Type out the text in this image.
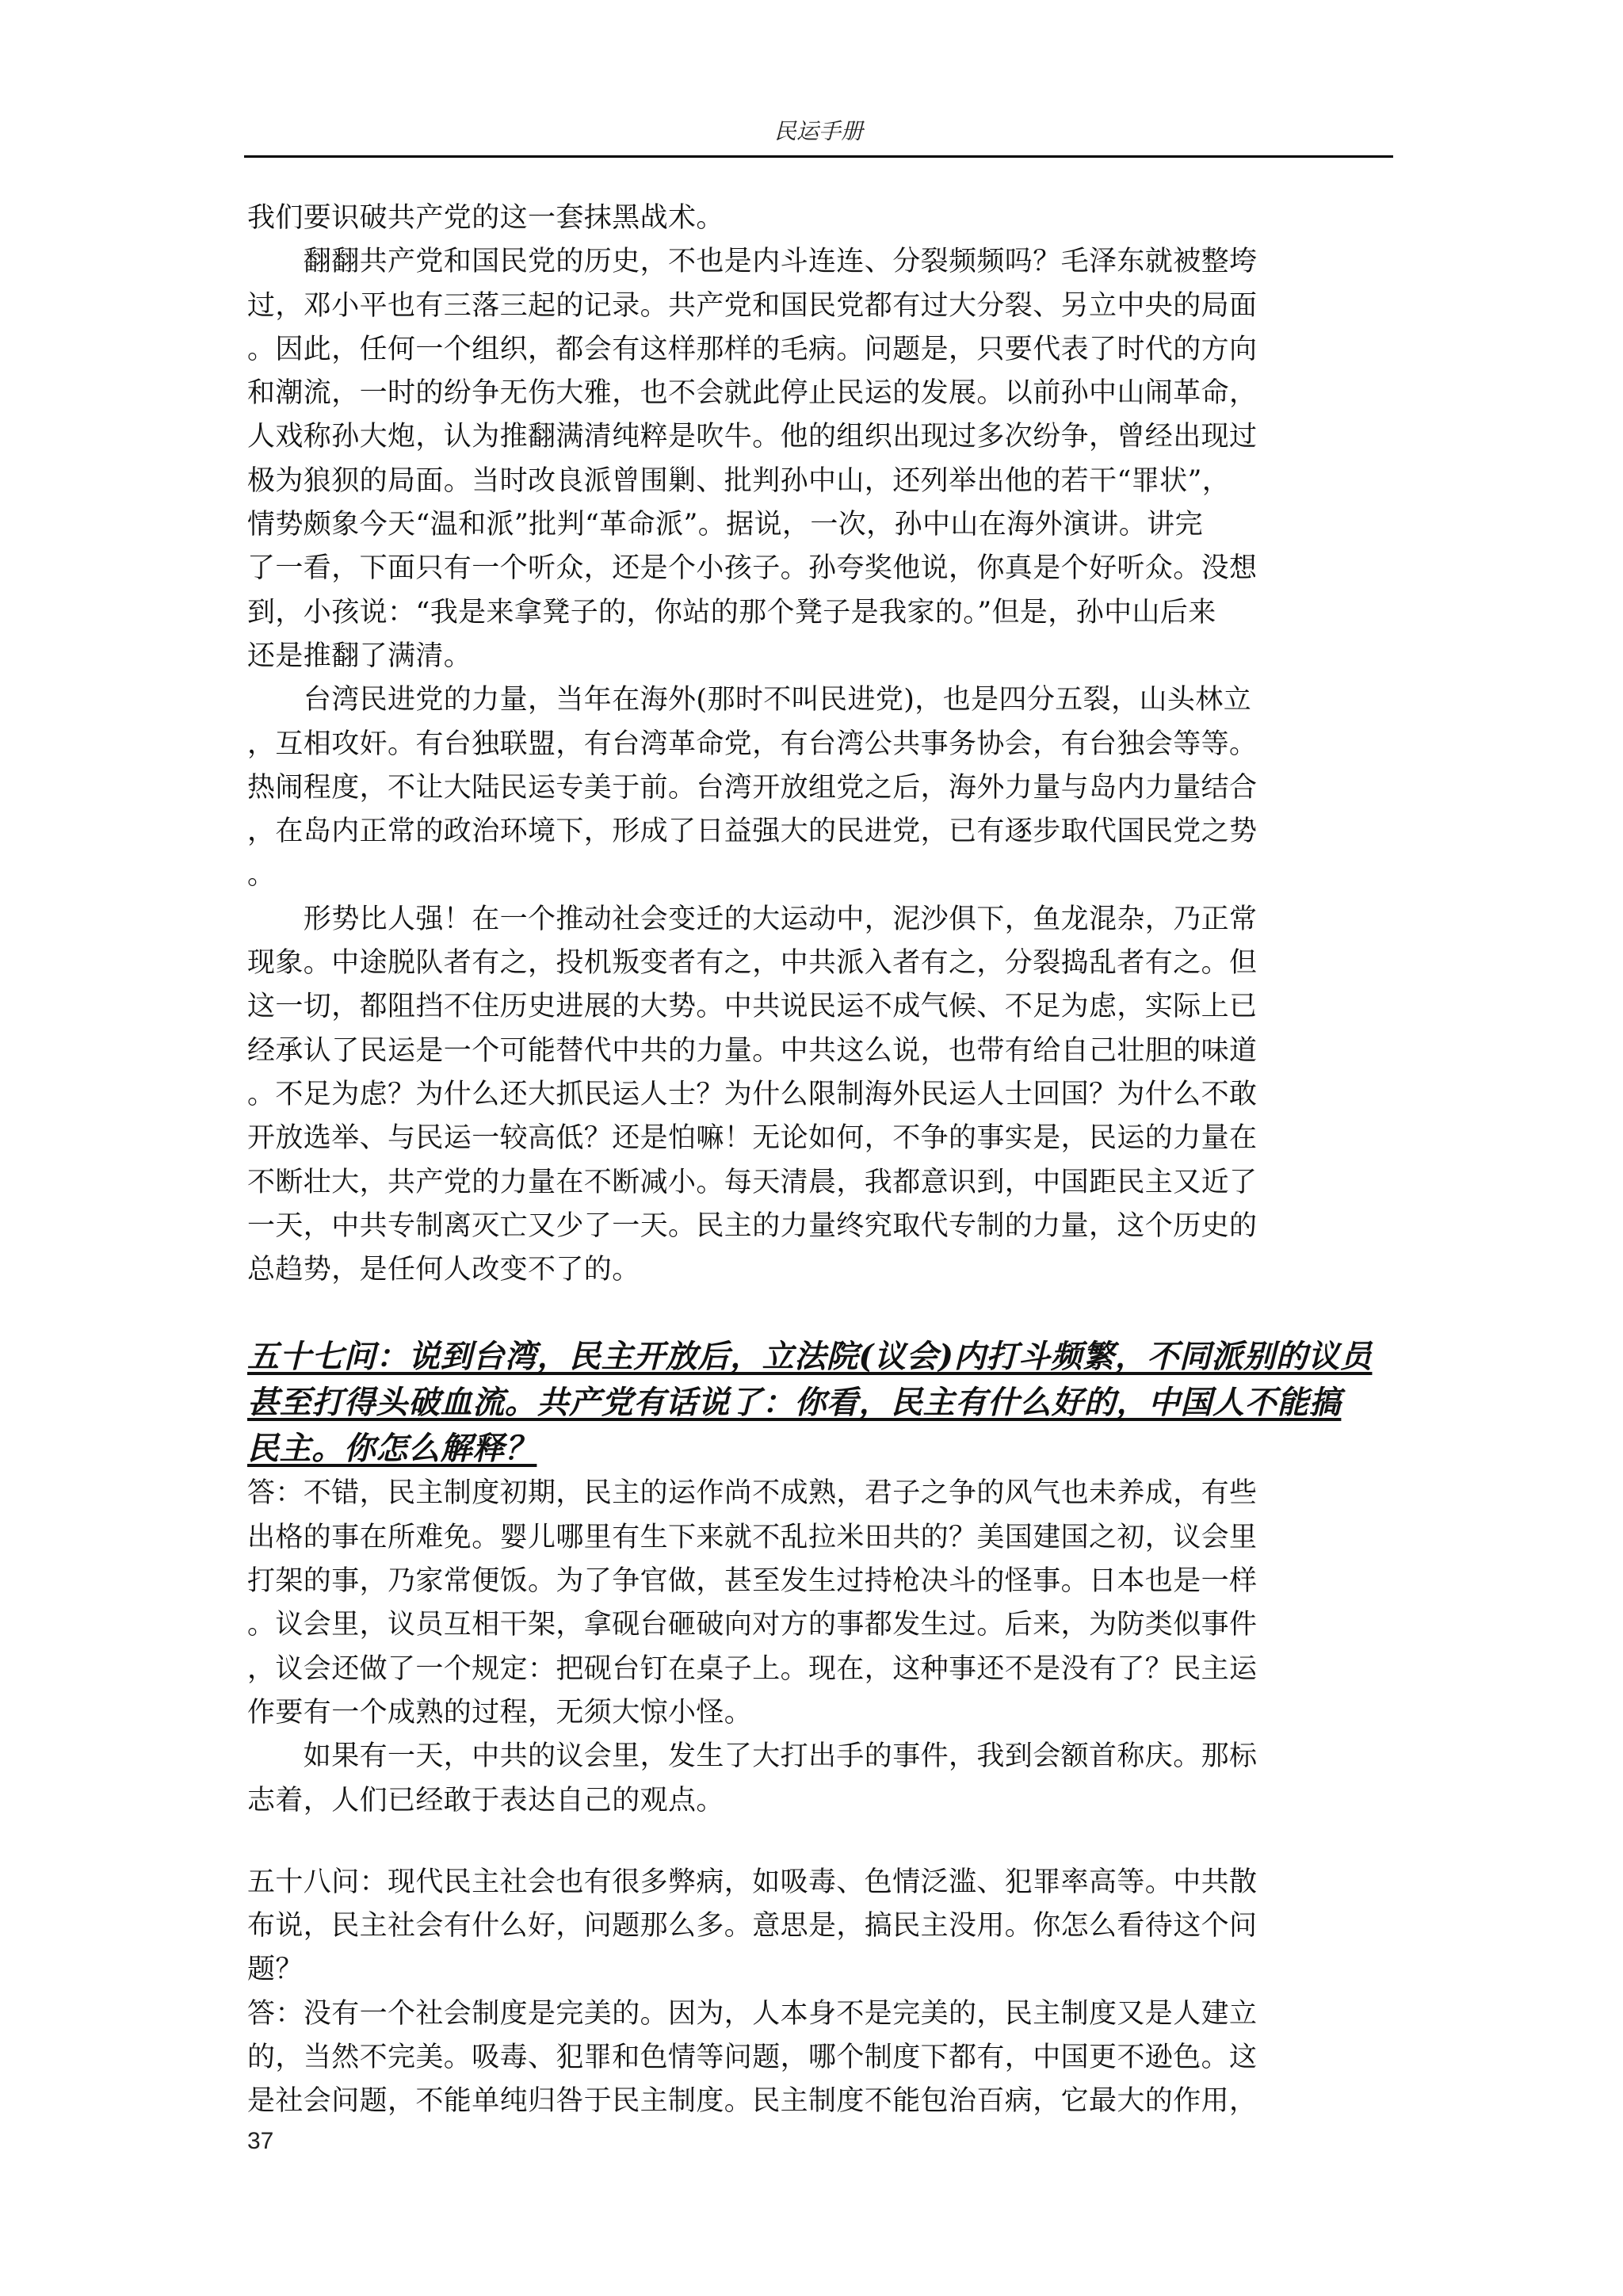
民运手册

我们要识破共产党的这一套抹黑战术。

　　翻翻共产党和国民党的历史，不也是内斗连连、分裂频频吗？毛泽东就被整垮

过，邓小平也有三落三起的记录。共产党和国民党都有过大分裂、另立中央的局面

。因此，任何一个组织，都会有这样那样的毛病。问题是，只要代表了时代的方向

和潮流，一时的纷争无伤大雅，也不会就此停止民运的发展。以前孙中山闹革命，

人戏称孙大炮，认为推翻满清纯粹是吹牛。他的组织出现过多次纷争，曾经出现过

极为狼狈的局面。当时改良派曾围剿、批判孙中山，还列举出他的若干“罪状”，

情势颇象今天“温和派”批判“革命派”。据说，一次，孙中山在海外演讲。讲完

了一看，下面只有一个听众，还是个小孩子。孙夸奖他说，你真是个好听众。没想

到，小孩说：“我是来拿凳子的，你站的那个凳子是我家的。”但是，孙中山后来

还是推翻了满清。

　　台湾民进党的力量，当年在海外(那时不叫民进党)，也是四分五裂，山头林立

，互相攻奸。有台独联盟，有台湾革命党，有台湾公共事务协会，有台独会等等。

热闹程度，不让大陆民运专美于前。台湾开放组党之后，海外力量与岛内力量结合

，在岛内正常的政治环境下，形成了日益强大的民进党，已有逐步取代国民党之势

。

　　形势比人强！在一个推动社会变迁的大运动中，泥沙俱下，鱼龙混杂，乃正常

现象。中途脱队者有之，投机叛变者有之，中共派入者有之，分裂捣乱者有之。但

这一切，都阻挡不住历史进展的大势。中共说民运不成气候、不足为虑，实际上已

经承认了民运是一个可能替代中共的力量。中共这么说，也带有给自己壮胆的味道

。不足为虑？为什么还大抓民运人士？为什么限制海外民运人士回国？为什么不敢

开放选举、与民运一较高低？还是怕嘛！无论如何，不争的事实是，民运的力量在

不断壮大，共产党的力量在不断减小。每天清晨，我都意识到，中国距民主又近了

一天，中共专制离灭亡又少了一天。民主的力量终究取代专制的力量，这个历史的

总趋势，是任何人改变不了的。

五十七问：说到台湾，民主开放后，立法院(议会)内打斗频繁，不同派别的议员

甚至打得头破血流。共产党有话说了：你看，民主有什么好的，中国人不能搞

民主。你怎么解释？

答：不错，民主制度初期，民主的运作尚不成熟，君子之争的风气也未养成，有些

出格的事在所难免。婴儿哪里有生下来就不乱拉米田共的？美国建国之初，议会里

打架的事，乃家常便饭。为了争官做，甚至发生过持枪决斗的怪事。日本也是一样

。议会里，议员互相干架，拿砚台砸破向对方的事都发生过。后来，为防类似事件

，议会还做了一个规定：把砚台钉在桌子上。现在，这种事还不是没有了？民主运

作要有一个成熟的过程，无须大惊小怪。

　　如果有一天，中共的议会里，发生了大打出手的事件，我到会额首称庆。那标

志着，人们已经敢于表达自己的观点。

五十八问：现代民主社会也有很多弊病，如吸毒、色情泛滥、犯罪率高等。中共散

布说，民主社会有什么好，问题那么多。意思是，搞民主没用。你怎么看待这个问

题？

答：没有一个社会制度是完美的。因为，人本身不是完美的，民主制度又是人建立

的，当然不完美。吸毒、犯罪和色情等问题，哪个制度下都有，中国更不逊色。这

是社会问题，不能单纯归咎于民主制度。民主制度不能包治百病，它最大的作用，

37
